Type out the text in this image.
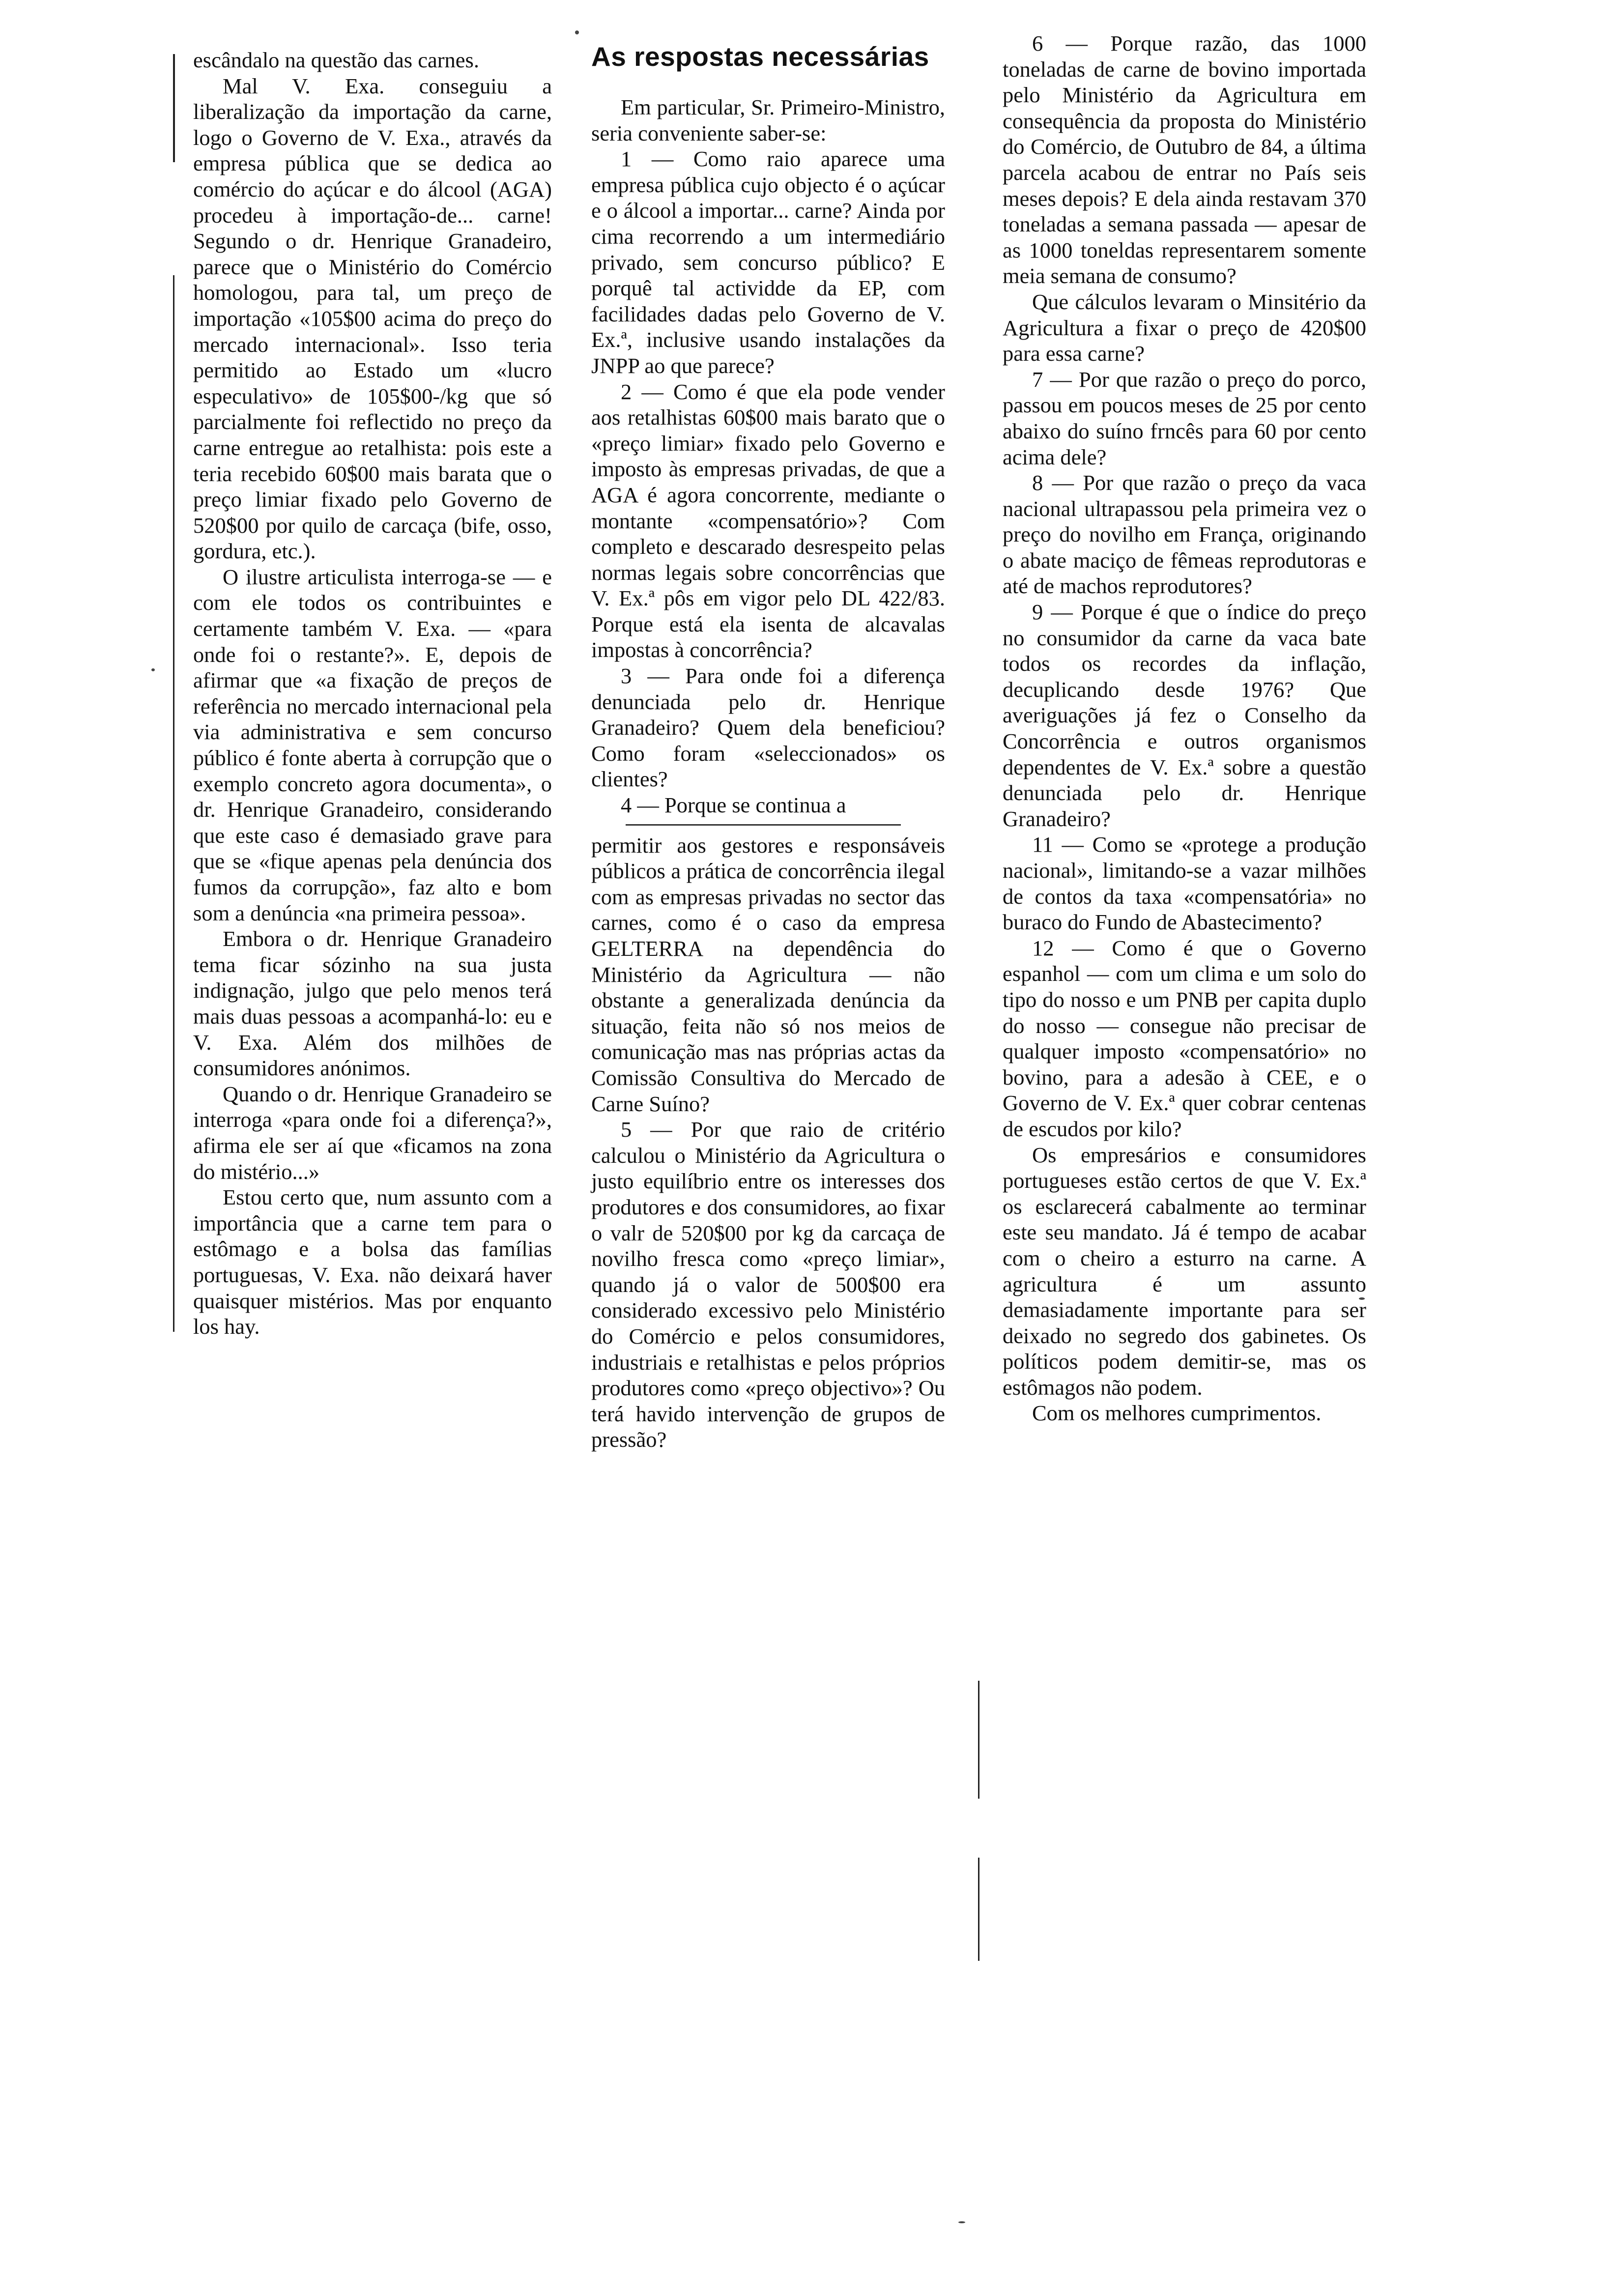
escândalo na questão das carnes.

Mal V. Exa. conseguiu a liberalização da importação da carne, logo o Governo de V. Exa., através da empresa pública que se dedica ao comércio do açúcar e do álcool (AGA) procedeu à importação-de... carne! Segundo o dr. Henrique Granadeiro, parece que o Ministério do Comércio homologou, para tal, um preço de importação «105$00 acima do preço do mercado internacional». Isso teria permitido ao Estado um «lucro especulativo» de 105$00-/kg que só parcialmente foi reflectido no preço da carne entregue ao retalhista: pois este a teria recebido 60$00 mais barata que o preço limiar fixado pelo Governo de 520$00 por quilo de carcaça (bife, osso, gordura, etc.).

O ilustre articulista interroga-se — e com ele todos os contribuintes e certamente também V. Exa. — «para onde foi o restante?». E, depois de afirmar que «a fixação de preços de referência no mercado internacional pela via administrativa e sem concurso público é fonte aberta à corrupção que o exemplo concreto agora documenta», o dr. Henrique Granadeiro, considerando que este caso é demasiado grave para que se «fique apenas pela denúncia dos fumos da corrupção», faz alto e bom som a denúncia «na primeira pessoa».

Embora o dr. Henrique Granadeiro tema ficar sózinho na sua justa indignação, julgo que pelo menos terá mais duas pessoas a acompanhá-lo: eu e V. Exa. Além dos milhões de consumidores anónimos.

Quando o dr. Henrique Granadeiro se interroga «para onde foi a diferença?», afirma ele ser aí que «ficamos na zona do mistério...»

Estou certo que, num assunto com a importância que a carne tem para o estômago e a bolsa das famílias portuguesas, V. Exa. não deixará haver quaisquer mistérios. Mas por enquanto los hay.

As respostas necessárias

Em particular, Sr. Primeiro-Ministro, seria conveniente saber-se:

1 — Como raio aparece uma empresa pública cujo objecto é o açúcar e o álcool a importar... carne? Ainda por cima recorrendo a um intermediário privado, sem concurso público? E porquê tal actividde da EP, com facilidades dadas pelo Governo de V. Ex.ª, inclusive usando instalações da JNPP ao que parece?

2 — Como é que ela pode vender aos retalhistas 60$00 mais barato que o «preço limiar» fixado pelo Governo e imposto às empresas privadas, de que a AGA é agora concorrente, mediante o montante «compensatório»? Com completo e descarado desrespeito pelas normas legais sobre concorrências que V. Ex.ª pôs em vigor pelo DL 422/83. Porque está ela isenta de alcavalas impostas à concorrência?

3 — Para onde foi a diferença denunciada pelo dr. Henrique Granadeiro? Quem dela beneficiou? Como foram «seleccionados» os clientes?

4 — Porque se continua a

permitir aos gestores e responsáveis públicos a prática de concorrência ilegal com as empresas privadas no sector das carnes, como é o caso da empresa GELTERRA na dependência do Ministério da Agricultura — não obstante a generalizada denúncia da situação, feita não só nos meios de comunicação mas nas próprias actas da Comissão Consultiva do Mercado de Carne Suíno?

5 — Por que raio de critério calculou o Ministério da Agricultura o justo equilíbrio entre os interesses dos produtores e dos consumidores, ao fixar o valr de 520$00 por kg da carcaça de novilho fresca como «preço limiar», quando já o valor de 500$00 era considerado excessivo pelo Ministério do Comércio e pelos consumidores, industriais e retalhistas e pelos próprios produtores como «preço objectivo»? Ou terá havido intervenção de grupos de pressão?

6 — Porque razão, das 1000 toneladas de carne de bovino importada pelo Ministério da Agricultura em consequência da proposta do Ministério do Comércio, de Outubro de 84, a última parcela acabou de entrar no País seis meses depois? E dela ainda restavam 370 toneladas a semana passada — apesar de as 1000 toneldas representarem somente meia semana de consumo?

Que cálculos levaram o Minsitério da Agricultura a fixar o preço de 420$00 para essa carne?

7 — Por que razão o preço do porco, passou em poucos meses de 25 por cento abaixo do suíno frncês para 60 por cento acima dele?

8 — Por que razão o preço da vaca nacional ultrapassou pela primeira vez o preço do novilho em França, originando o abate maciço de fêmeas reprodutoras e até de machos reprodutores?

9 — Porque é que o índice do preço no consumidor da carne da vaca bate todos os recordes da inflação, decuplicando desde 1976? Que averiguações já fez o Conselho da Concorrência e outros organismos dependentes de V. Ex.ª sobre a questão denunciada pelo dr. Henrique Granadeiro?

11 — Como se «protege a produção nacional», limitando-se a vazar milhões de contos da taxa «compensatória» no buraco do Fundo de Abastecimento?

12 — Como é que o Governo espanhol — com um clima e um solo do tipo do nosso e um PNB per capita duplo do nosso — consegue não precisar de qualquer imposto «compensatório» no bovino, para a adesão à CEE, e o Governo de V. Ex.ª quer cobrar centenas de escudos por kilo?

Os empresários e consumidores portugueses estão certos de que V. Ex.ª os esclarecerá cabalmente ao terminar este seu mandato. Já é tempo de acabar com o cheiro a esturro na carne. A agricultura é um assunto demasiadamente importante para ser deixado no segredo dos gabinetes. Os políticos podem demitir-se, mas os estômagos não podem.

Com os melhores cumprimentos.
